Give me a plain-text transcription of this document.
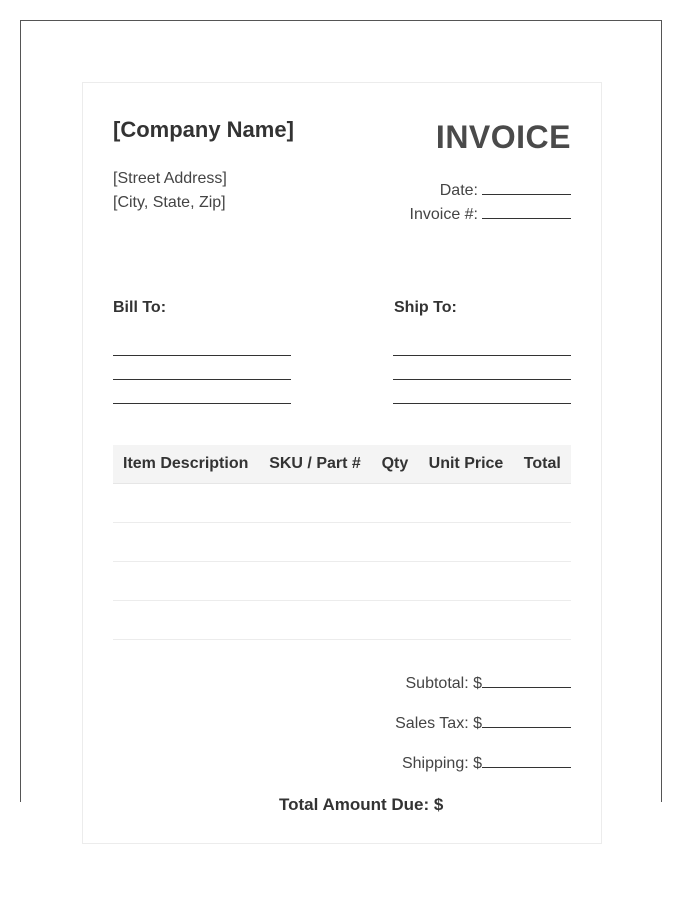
[Company Name]
[Street Address]
[City, State, Zip]
INVOICE
Date:
Invoice #:
Bill To:	Ship To:
Item Description	SKU / Part #	Qty	Unit Price	Total

Subtotal: $
Sales Tax: $
Shipping: $
Total Amount Due: $
